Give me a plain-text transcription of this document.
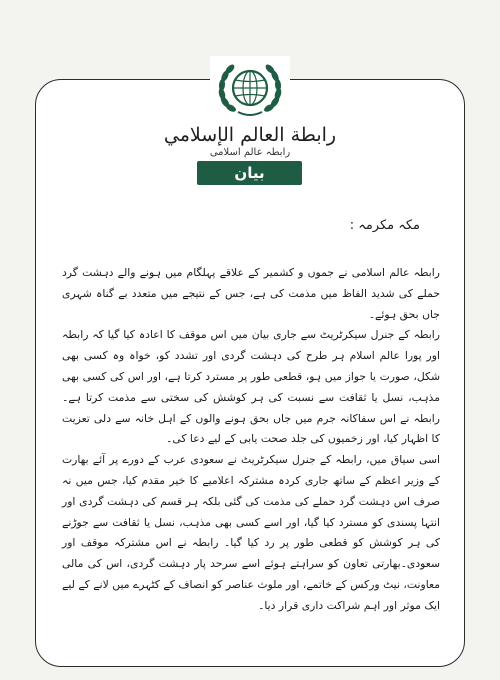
رابطة العالم الإسلامي
رابطہ عالم اسلامی
بیان
مکہ مکرمہ :

رابطہ عالم اسلامی نے جموں و کشمیر کے علاقے پہلگام میں ہونے والے دہشت گرد حملے کی شدید الفاظ میں مذمت کی ہے، جس کے نتیجے میں متعدد بے گناہ شہری جاں بحق ہوئے۔

رابطہ کے جنرل سیکرٹریٹ سے جاری بیان میں اس موقف کا اعادہ کیا گیا کہ رابطہ اور پورا عالم اسلام ہر طرح کی دہشت گردی اور تشدد کو، خواہ وہ کسی بھی شکل، صورت یا جواز میں ہو، قطعی طور پر مسترد کرتا ہے، اور اس کی کسی بھی مذہب، نسل یا ثقافت سے نسبت کی ہر کوشش کی سختی سے مذمت کرتا ہے۔ رابطہ نے اس سفاکانہ جرم میں جاں بحق ہونے والوں کے اہل خانہ سے دلی تعزیت کا اظہار کیا، اور زخمیوں کی جلد صحت یابی کے لیے دعا کی۔

اسی سیاق میں، رابطہ کے جنرل سیکرٹریٹ نے سعودی عرب کے دورے پر آئے بھارت کے وزیر اعظم کے ساتھ جاری کردہ مشترکہ اعلامیے کا خیر مقدم کیا، جس میں نہ صرف اس دہشت گرد حملے کی مذمت کی گئی بلکہ ہر قسم کی دہشت گردی اور انتہا پسندی کو مسترد کیا گیا، اور اسے کسی بھی مذہب، نسل یا ثقافت سے جوڑنے کی ہر کوشش کو قطعی طور پر رد کیا گیا۔ رابطہ نے اس مشترکہ موقف اور سعودی۔بھارتی تعاون کو سراہتے ہوئے اسے سرحد پار دہشت گردی، اس کی مالی معاونت، نیٹ ورکس کے خاتمے، اور ملوث عناصر کو انصاف کے کٹہرے میں لانے کے لیے ایک موثر اور اہم شراکت داری قرار دیا۔
